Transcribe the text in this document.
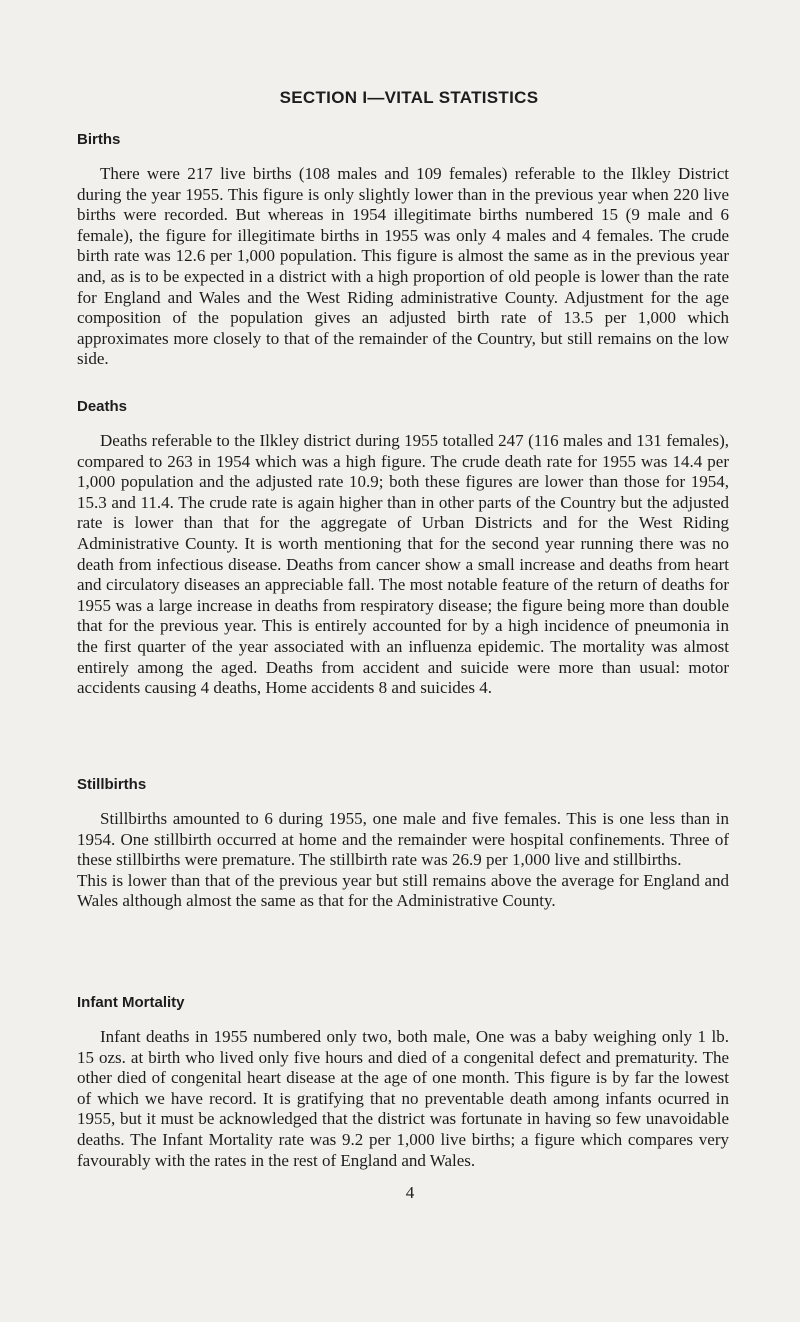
SECTION I—VITAL STATISTICS
Births

There were 217 live births (108 males and 109 females) referable to the Ilkley District during the year 1955. This figure is only slightly lower than in the previous year when 220 live births were recorded. But whereas in 1954 illegitimate births numbered 15 (9 male and 6 female), the figure for illegitimate births in 1955 was only 4 males and 4 females. The crude birth rate was 12.6 per 1,000 population. This figure is almost the same as in the previous year and, as is to be expected in a district with a high proportion of old people is lower than the rate for England and Wales and the West Riding administrative County. Adjustment for the age composition of the population gives an adjusted birth rate of 13.5 per 1,000 which approximates more closely to that of the remainder of the Country, but still remains on the low side.

Deaths

Deaths referable to the Ilkley district during 1955 totalled 247 (116 males and 131 females), compared to 263 in 1954 which was a high figure. The crude death rate for 1955 was 14.4 per 1,000 population and the adjusted rate 10.9; both these figures are lower than those for 1954, 15.3 and 11.4. The crude rate is again higher than in other parts of the Country but the adjusted rate is lower than that for the aggregate of Urban Districts and for the West Riding Administrative County. It is worth mentioning that for the second year running there was no death from infectious disease. Deaths from cancer show a small increase and deaths from heart and circulatory diseases an appreciable fall. The most notable feature of the return of deaths for 1955 was a large increase in deaths from respiratory disease; the figure being more than double that for the previous year. This is entirely accounted for by a high incidence of pneumonia in the first quarter of the year associated with an influenza epidemic. The mortality was almost entirely among the aged. Deaths from accident and suicide were more than usual: motor accidents causing 4 deaths, Home accidents 8 and suicides 4.

Stillbirths

Stillbirths amounted to 6 during 1955, one male and five females. This is one less than in 1954. One stillbirth occurred at home and the remainder were hospital confinements. Three of these stillbirths were premature. The stillbirth rate was 26.9 per 1,000 live and stillbirths.

This is lower than that of the previous year but still remains above the average for England and Wales although almost the same as that for the Administrative County.

Infant Mortality

Infant deaths in 1955 numbered only two, both male, One was a baby weighing only 1 lb. 15 ozs. at birth who lived only five hours and died of a congenital defect and prematurity. The other died of congenital heart disease at the age of one month. This figure is by far the lowest of which we have record. It is gratifying that no preventable death among infants ocurred in 1955, but it must be acknowledged that the district was fortunate in having so few unavoidable deaths. The Infant Mortality rate was 9.2 per 1,000 live births; a figure which compares very favourably with the rates in the rest of England and Wales.

4
